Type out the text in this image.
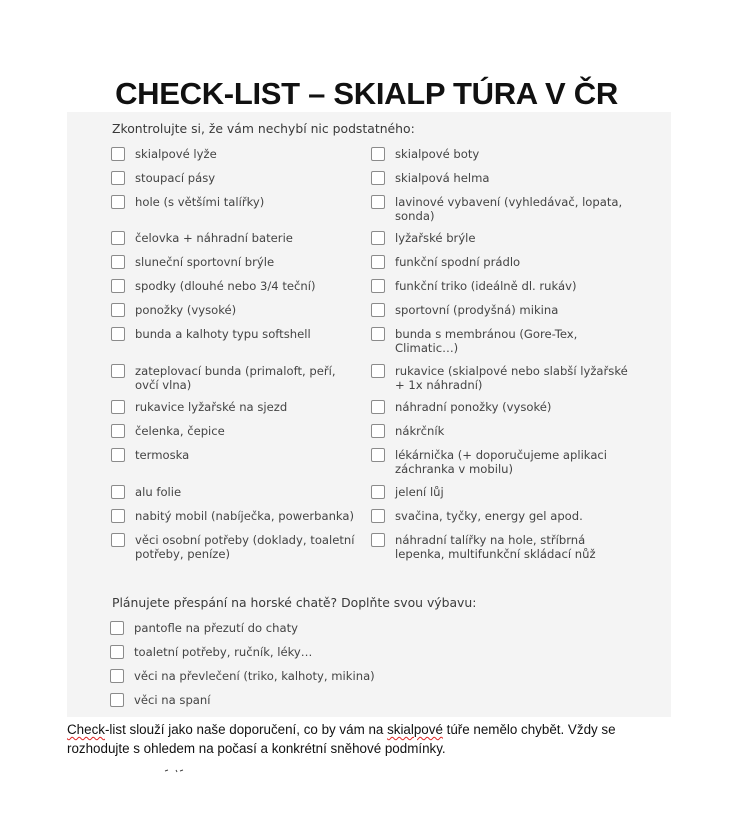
CHECK-LIST – SKIALP TÚRA V ČR
Zkontrolujte si, že vám nechybí nic podstatného:
skialpové lyže
stoupací pásy
hole (s většími talířky)
čelovka + náhradní baterie
sluneční sportovní brýle
spodky (dlouhé nebo 3/4 teční)
ponožky (vysoké)
bunda a kalhoty typu softshell
zateplovací bunda (primaloft, peří, ovčí vlna)
rukavice lyžařské na sjezd
čelenka, čepice
termoska
alu folie
nabitý mobil (nabíječka, powerbanka)
věci osobní potřeby (doklady, toaletní potřeby, peníze)
skialpové boty
skialpová helma
lavinové vybavení (vyhledávač, lopata, sonda)
lyžařské brýle
funkční spodní prádlo
funkční triko (ideálně dl. rukáv)
sportovní (prodyšná) mikina
bunda s membránou (Gore-Tex, Climatic…)
rukavice (skialpové nebo slabší lyžařské + 1x náhradní)
náhradní ponožky (vysoké)
nákrčník
lékárnička (+ doporučujeme aplikaci záchranka v mobilu)
jelení lůj
svačina, tyčky, energy gel apod.
náhradní talířky na hole, stříbrná lepenka, multifunkční skládací nůž
Plánujete přespání na horské chatě? Doplňte svou výbavu:
pantofle na přezutí do chaty
toaletní potřeby, ručník, léky…
věci na převlečení (triko, kalhoty, mikina)
věci na spaní
Check-list slouží jako naše doporučení, co by vám na skialpové túře nemělo chybět. Vždy se rozhodujte s ohledem na počasí a konkrétní sněhové podmínky.
